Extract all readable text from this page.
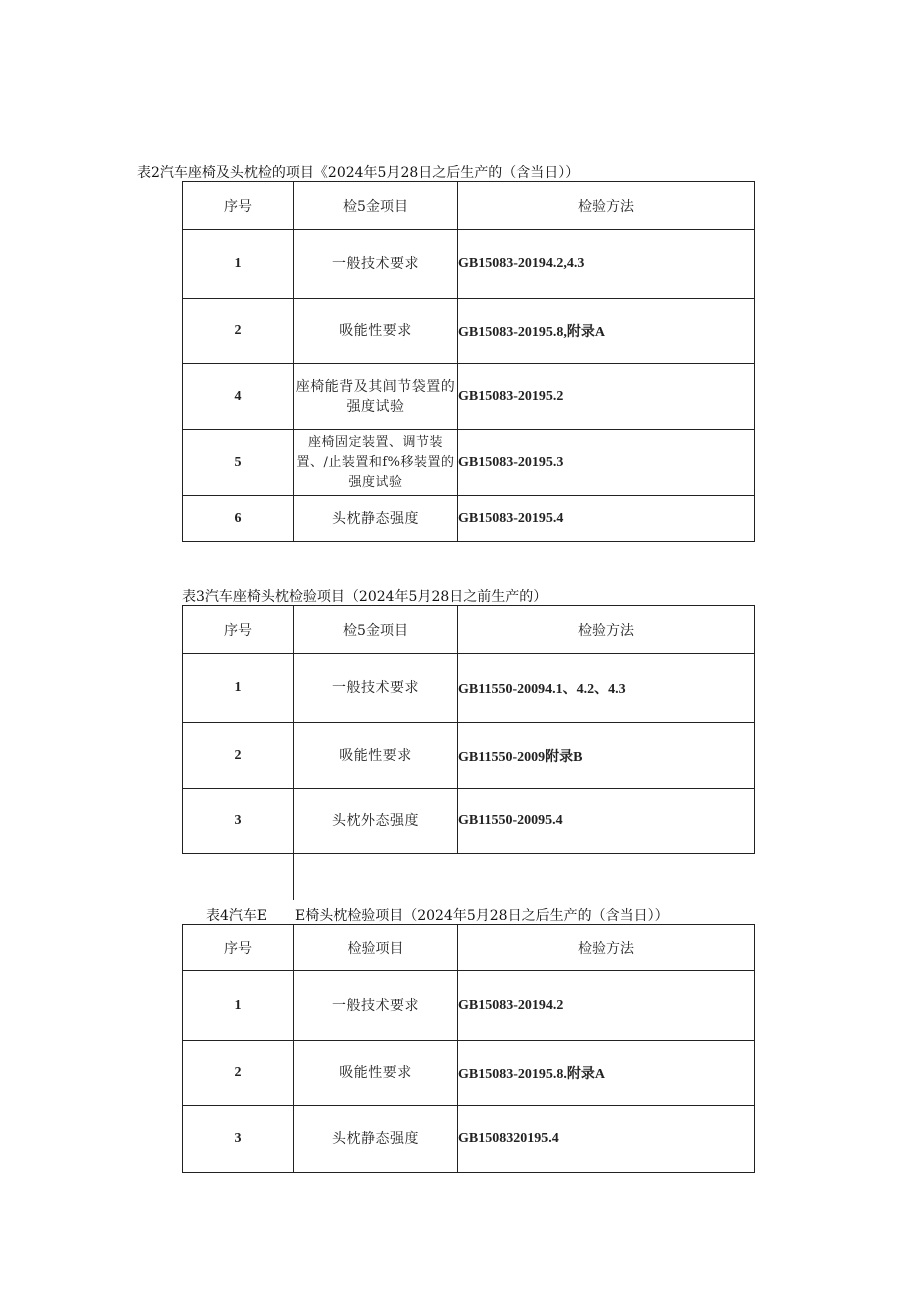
表2汽车座椅及头枕检的项目《2024年5月28日之后生产的（含当日））
序号	检5金项目	检验方法
1	一般技术要求	GB15083-20194.2,4.3
2	吸能性要求	GB15083-20195.8,附录A
4	座椅能背及其闾节袋置的强度试验	GB15083-20195.2
5	座椅固定装置、调节装置、/止装置和f%移装置的强度试验	GB15083-20195.3
6	头枕静态强度	GB15083-20195.4
表3汽车座椅头枕检验项目（2024年5月28日之前生产的）
序号	检5金项目	检验方法
1	一般技术要求	GB11550-20094.1、4.2、4.3
2	吸能性要求	GB11550-2009附录B
3	头枕外态强度	GB11550-20095.4
表4汽车E E椅头枕检验项目（2024年5月28日之后生产的（含当日））
序号	检验项目	检验方法
1	一般技术要求	GB15083-20194.2
2	吸能性要求	GB15083-20195.8.附录A
3	头枕静态强度	GB1508320195.4
